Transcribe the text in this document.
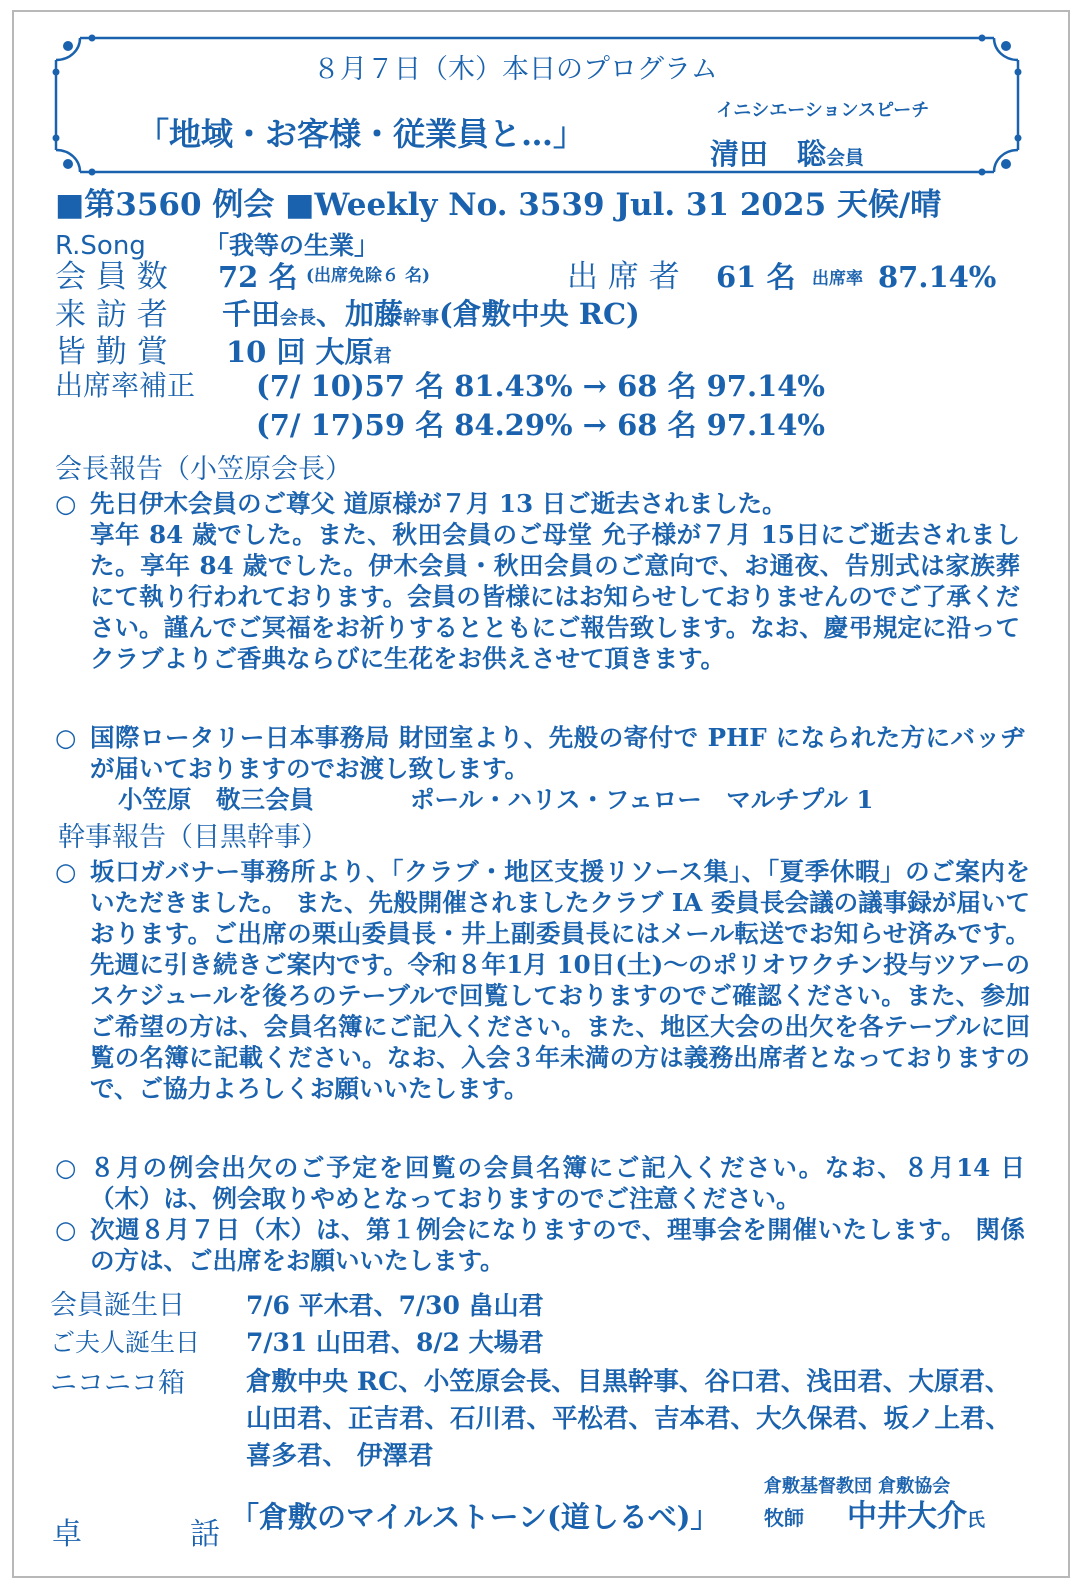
８月７日（木）本日のプログラム
「地域・お客様・従業員と…」
イニシエーションスピーチ
清田　聡会員
■第3560 例会 ■Weekly No. 3539 Jul. 31 2025 天候/晴
R.Song 「我等の生業」
会 員 数 72 名 (出席免除６ 名)	出 席 者 61 名 出席率 87.14%
来 訪 者 千田会長、加藤幹事(倉敷中央 RC)
皆 勤 賞 10 回 大原君
出席率補正 (7/ 10)57 名 81.43% → 68 名 97.14%
(7/ 17)59 名 84.29% → 68 名 97.14%
会長報告（小笠原会長）
○ 先日伊木会員のご尊父 道原様が７月 13 日ご逝去されました。
享年 84 歳でした。また、秋田会員のご母堂 允子様が７月 15日にご逝去されました。享年 84 歳でした。伊木会員・秋田会員のご意向で、お通夜、告別式は家族葬にて執り行われております。会員の皆様にはお知らせしておりませんのでご了承ください。謹んでご冥福をお祈りするとともにご報告致します。なお、慶弔規定に沿ってクラブよりご香典ならびに生花をお供えさせて頂きます。
○ 国際ロータリー日本事務局 財団室より、先般の寄付で PHF になられた方にバッヂが届いておりますのでお渡し致します。
小笠原　敬三会員	ポール・ハリス・フェロー　マルチプル 1
幹事報告（目黒幹事）
○ 坂口ガバナー事務所より、「クラブ・地区支援リソース集」、「夏季休暇」のご案内をいただきました。 また、先般開催されましたクラブ IA 委員長会議の議事録が届いております。ご出席の栗山委員長・井上副委員長にはメール転送でお知らせ済みです。先週に引き続きご案内です。令和８年1月 10日(土)〜のポリオワクチン投与ツアーのスケジュールを後ろのテーブルで回覧しておりますのでご確認ください。また、参加ご希望の方は、会員名簿にご記入ください。また、地区大会の出欠を各テーブルに回覧の名簿に記載ください。なお、入会３年未満の方は義務出席者となっておりますので、ご協力よろしくお願いいたします。
○ ８月の例会出欠のご予定を回覧の会員名簿にご記入ください。なお、８月14 日（木）は、例会取りやめとなっておりますのでご注意ください。
○ 次週８月７日（木）は、第１例会になりますので、理事会を開催いたします。 関係の方は、ご出席をお願いいたします。
会員誕生日 7/6 平木君、7/30 畠山君
ご夫人誕生日 7/31 山田君、8/2 大場君
ニコニコ箱 倉敷中央 RC、小笠原会長、目黒幹事、谷口君、浅田君、大原君、
山田君、正吉君、石川君、平松君、吉本君、大久保君、坂ノ上君、
喜多君、 伊澤君
卓	話 「倉敷のマイルストーン(道しるべ)」
倉敷基督教団 倉敷協会
牧師 中井大介氏
